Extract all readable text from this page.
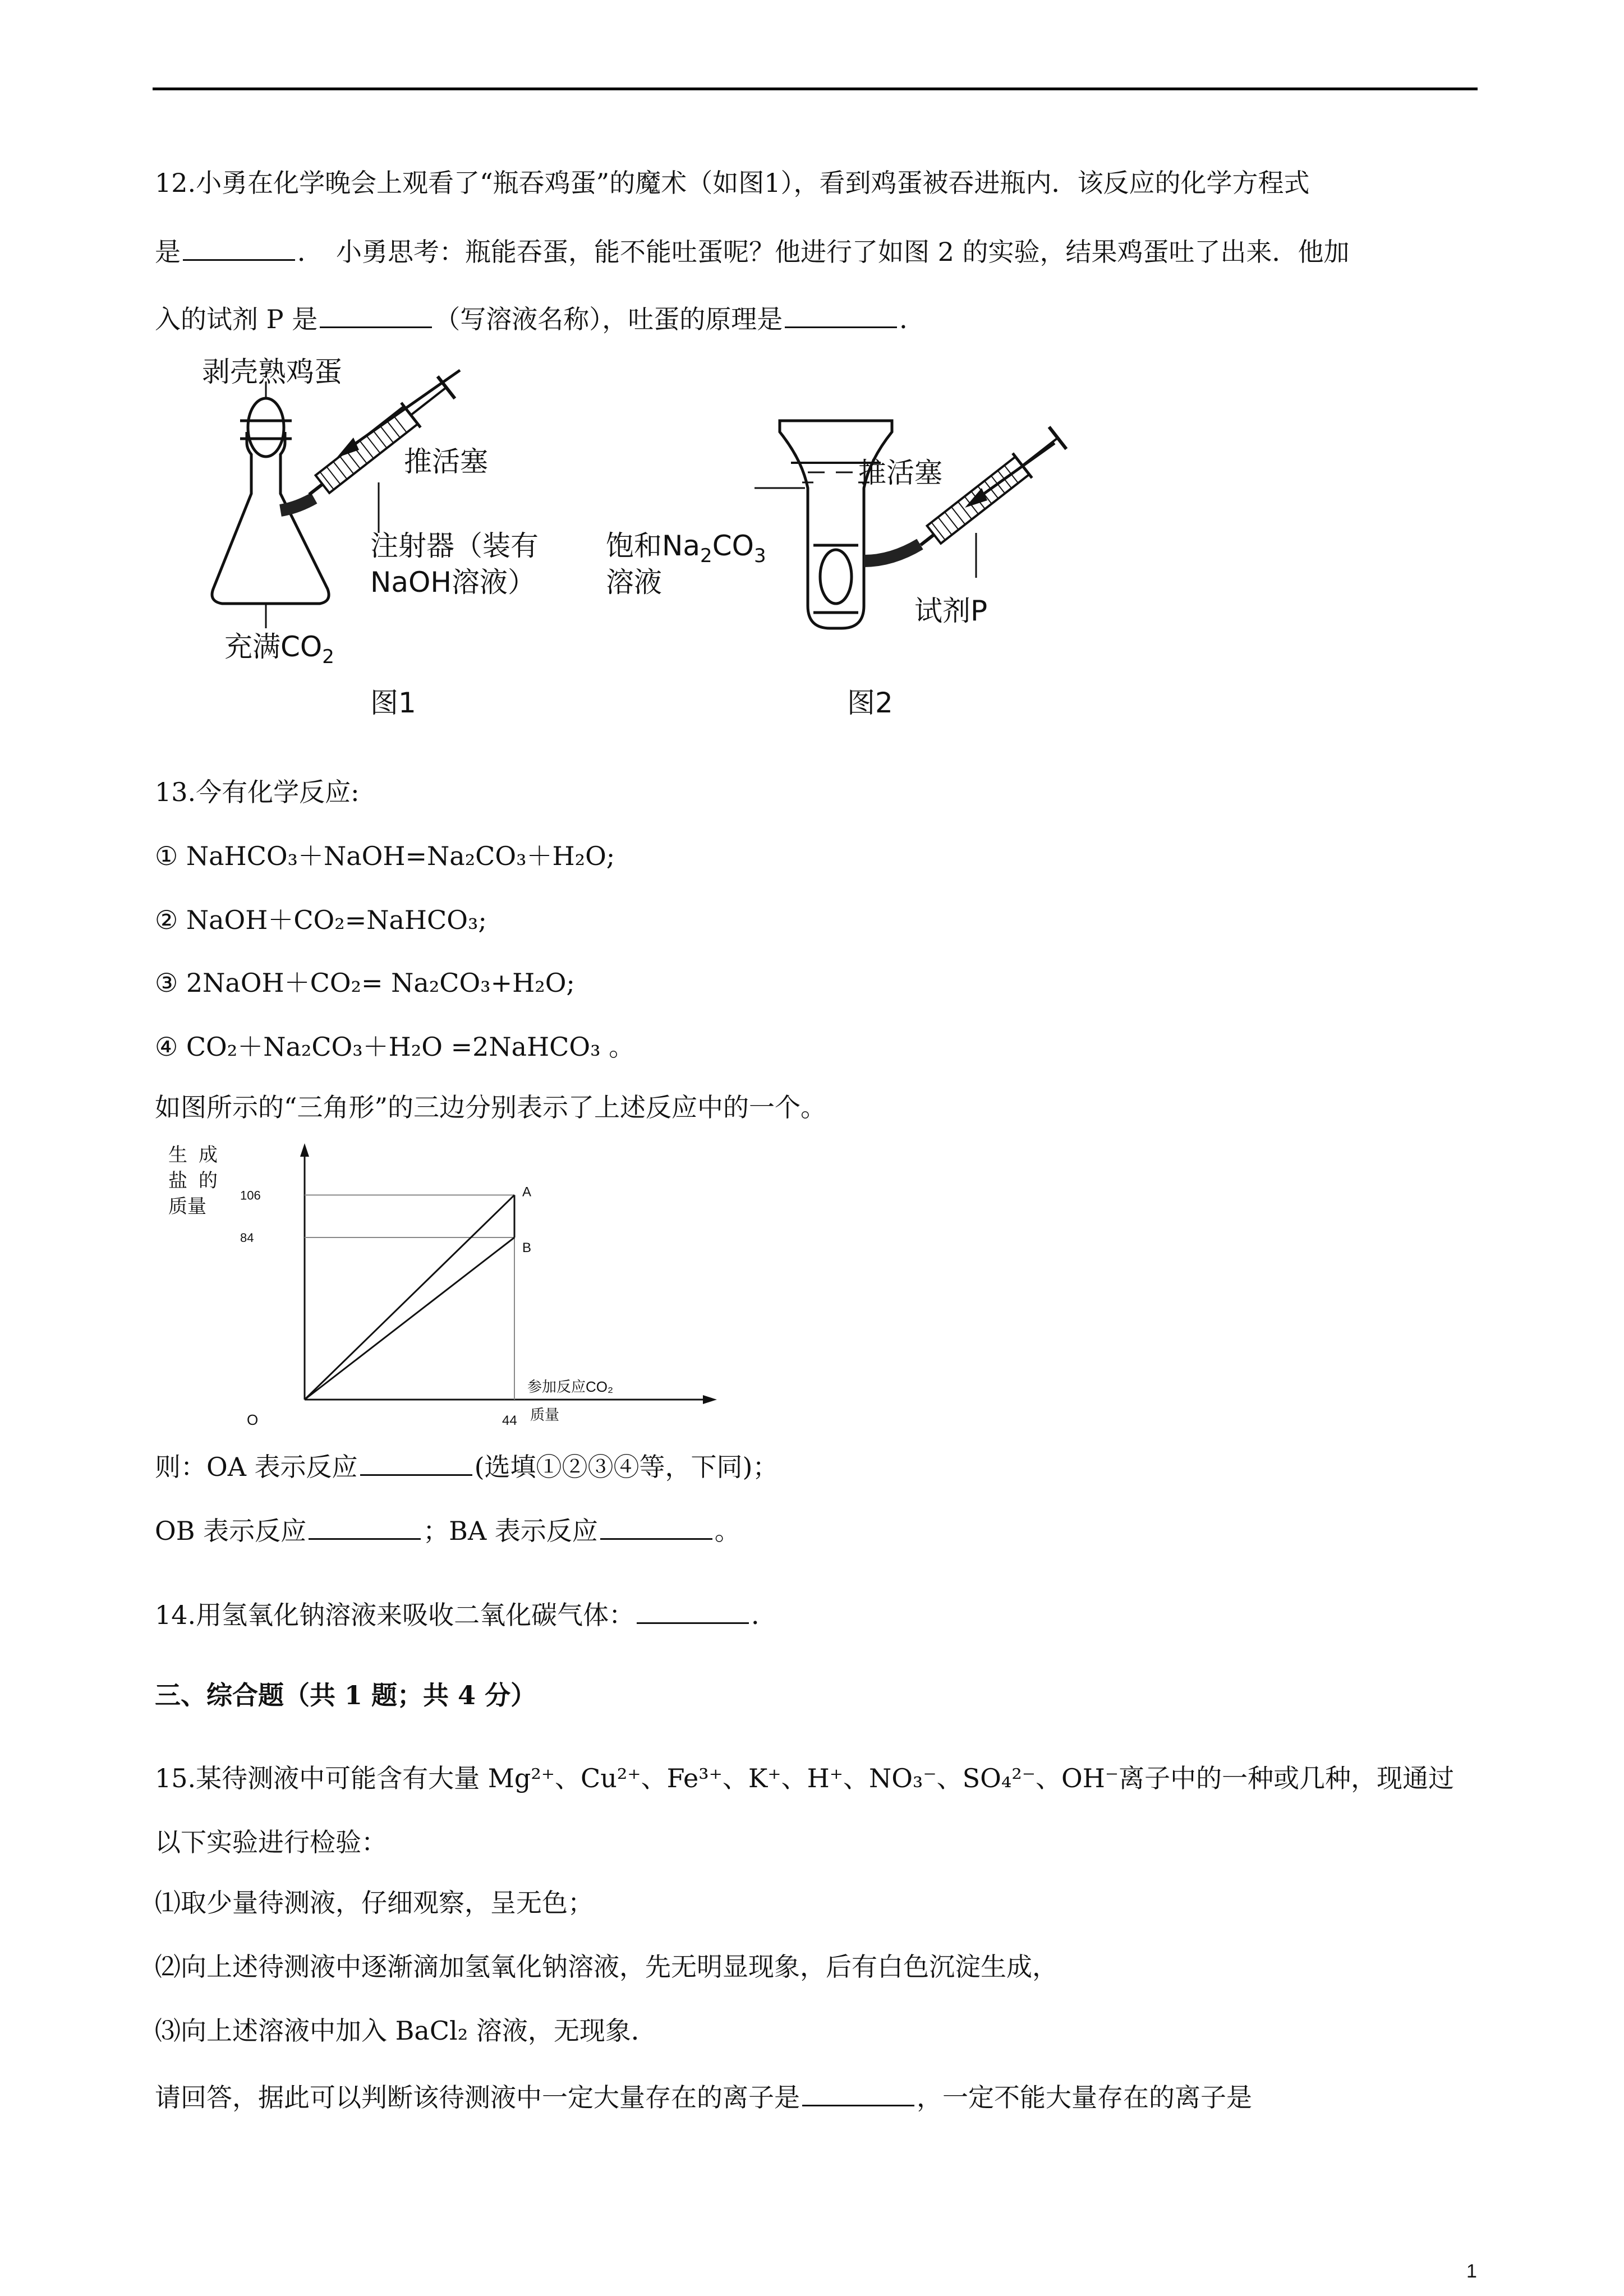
12.小勇在化学晚会上观看了“瓶吞鸡蛋”的魔术（如图1），看到鸡蛋被吞进瓶内．该反应的化学方程式
是	．　小勇思考：瓶能吞蛋，能不能吐蛋呢？他进行了如图 2 的实验，结果鸡蛋吐了出来．他加
入的试剂 P 是	（写溶液名称），吐蛋的原理是	．
剥壳熟鸡蛋
推活塞
注射器（装有
NaOH溶液）
充满$CO_2$
图1
推活塞
饱和$Na_2CO_3$
溶液
试剂P
图2
13.今有化学反应:
① NaHCO₃＋NaOH=Na₂CO₃＋H₂O;
② NaOH＋CO₂=NaHCO₃;
③ 2NaOH＋CO₂= Na₂CO₃+H₂O;
④ CO₂＋Na₂CO₃＋H₂O =2NaHCO₃ 。
如图所示的“三角形”的三边分别表示了上述反应中的一个。
A
B
O
106
84
44
生成
盐的
质量
参加反应CO₂
质量
则：OA 表示反应	(选填①②③④等，下同)；
OB 表示反应	；BA 表示反应	。
14.用氢氧化钠溶液来吸收二氧化碳气体：	．
三、综合题（共 1 题；共 4 分）
15.某待测液中可能含有大量 Mg²⁺、Cu²⁺、Fe³⁺、K⁺、H⁺、NO₃⁻、SO₄²⁻、OH⁻离子中的一种或几种，现通过
以下实验进行检验：
⑴取少量待测液，仔细观察，呈无色；
⑵向上述待测液中逐渐滴加氢氧化钠溶液，先无明显现象，后有白色沉淀生成，
⑶向上述溶液中加入 BaCl₂ 溶液，无现象．
请回答，据此可以判断该待测液中一定大量存在的离子是	，一定不能大量存在的离子是
1
